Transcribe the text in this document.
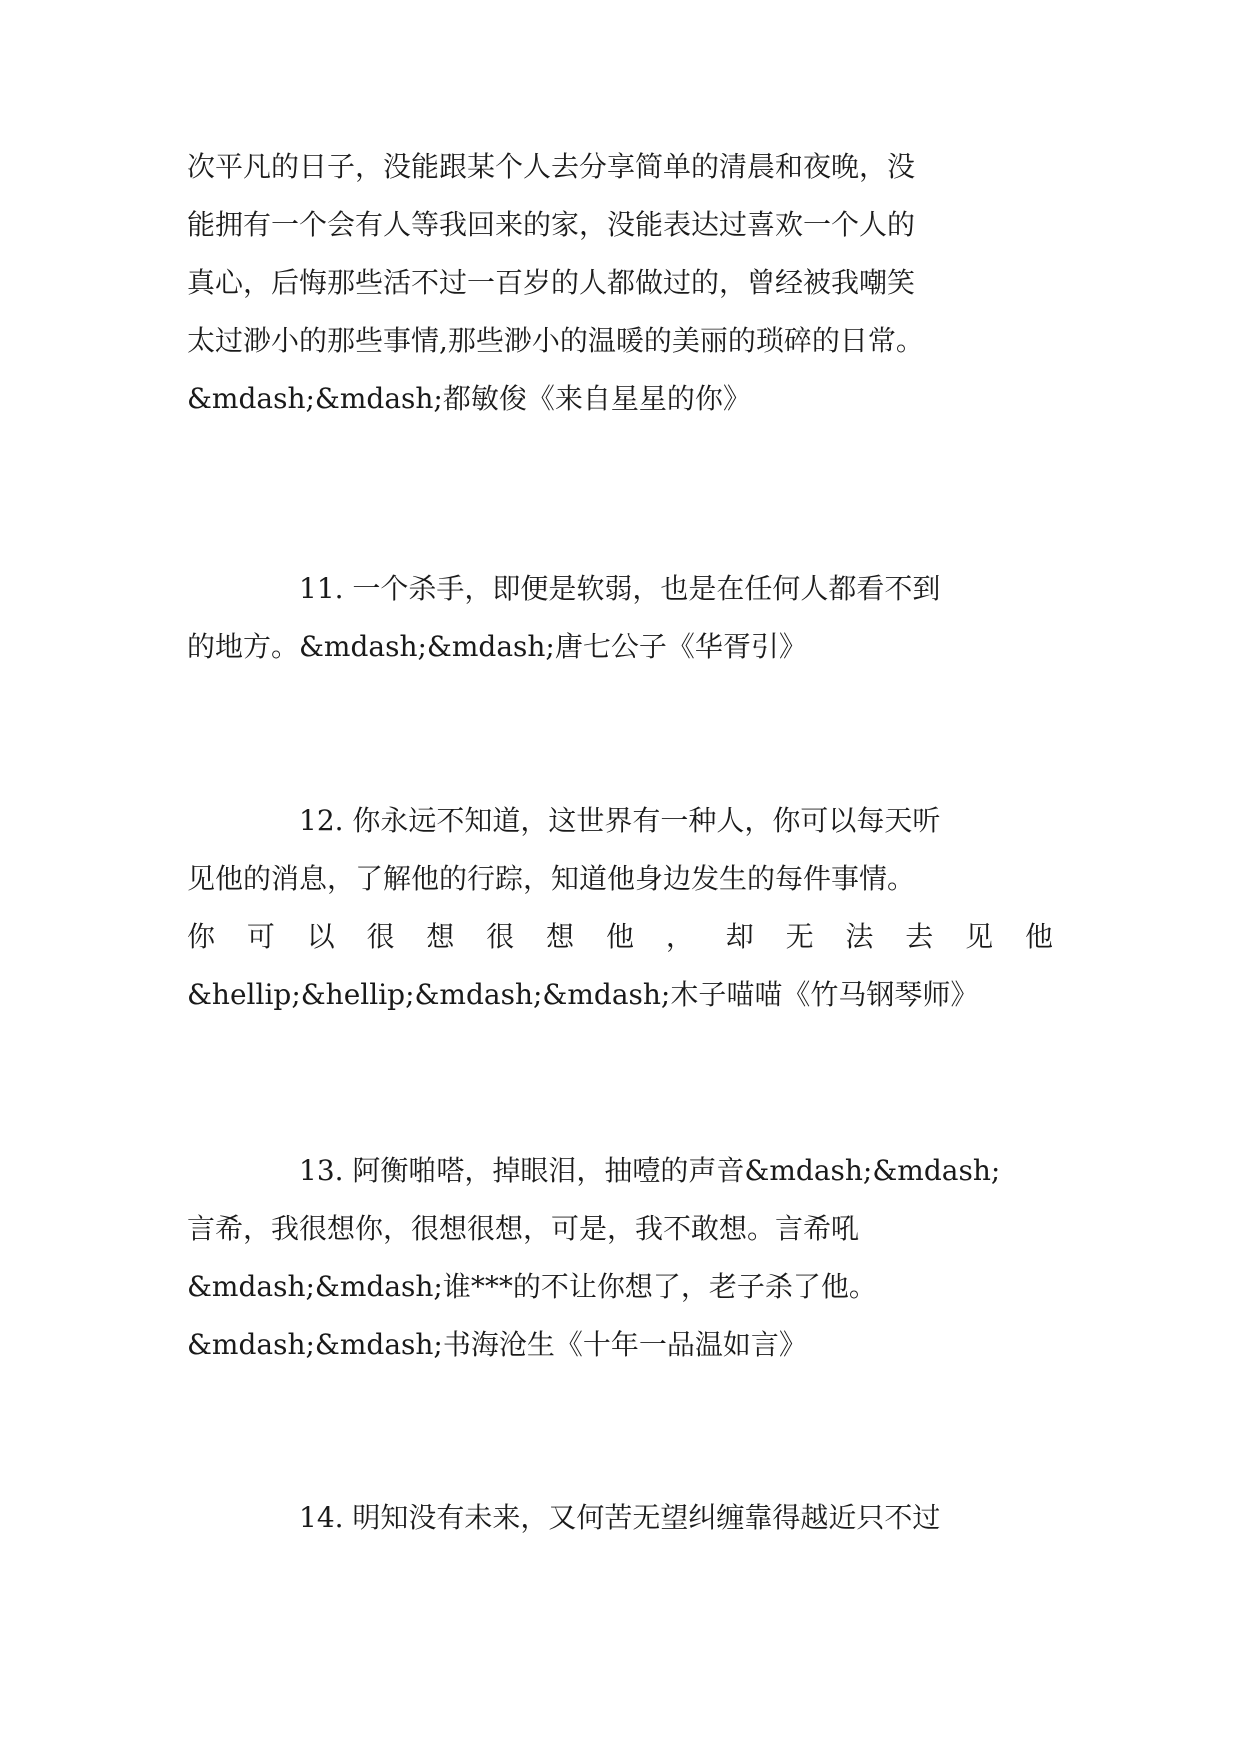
次平凡的日子，没能跟某个人去分享简单的清晨和夜晚，没
能拥有一个会有人等我回来的家，没能表达过喜欢一个人的
真心，后悔那些活不过一百岁的人都做过的，曾经被我嘲笑
太过渺小的那些事情,那些渺小的温暖的美丽的琐碎的日常。
&mdash;&mdash;都敏俊《来自星星的你》
11. 一个杀手，即便是软弱，也是在任何人都看不到
的地方。&mdash;&mdash;唐七公子《华胥引》
12. 你永远不知道，这世界有一种人，你可以每天听
见他的消息，了解他的行踪，知道他身边发生的每件事情。
你 可 以 很 想 很 想 他 ， 却 无 法 去 见 他
&hellip;&hellip;&mdash;&mdash;木子喵喵《竹马钢琴师》
13. 阿衡啪嗒，掉眼泪，抽噎的声音&mdash;&mdash;
言希，我很想你，很想很想，可是，我不敢想。言希吼
&mdash;&mdash;谁***的不让你想了，老子杀了他。
&mdash;&mdash;书海沧生《十年一品温如言》
14. 明知没有未来，又何苦无望纠缠靠得越近只不过
